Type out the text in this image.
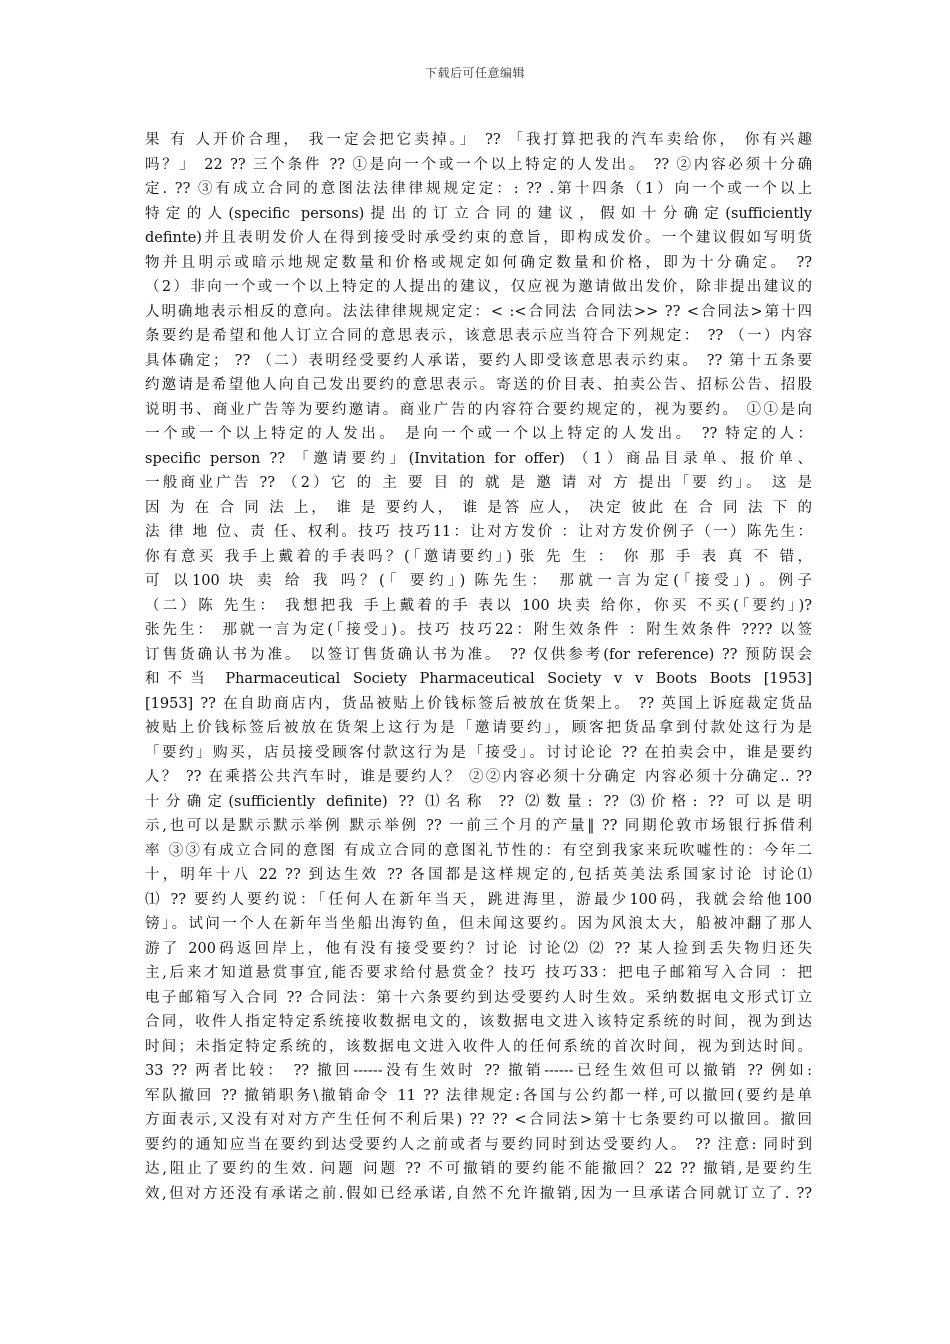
下载后可任意编辑
果 有 人开价合理， 我一定会把它卖掉。」 ?? 「我打算把我的汽车卖给你， 你有兴趣
吗？」 22 ?? 三个条件 ?? ①是向一个或一个以上特定的人发出。 ?? ②内容必须十分确
定. ?? ③有成立合同的意图法法律律规规定定：: ?? .第十四条（1）向一个或一个以上
特定的人(specific persons)提出的订立合同的建议，假如十分确定(sufficiently
definte)并且表明发价人在得到接受时承受约束的意旨，即构成发价。一个建议假如写明货
物并且明示或暗示地规定数量和价格或规定如何确定数量和价格，即为十分确定。 ??
（2）非向一个或一个以上特定的人提出的建议，仅应视为邀请做出发价，除非提出建议的
人明确地表示相反的意向。法法律律规规定定：< :<合同法 合同法>> ?? <合同法>第十四
条要约是希望和他人订立合同的意思表示，该意思表示应当符合下列规定： ?? （一）内容
具体确定； ?? （二）表明经受要约人承诺，要约人即受该意思表示约束。 ?? 第十五条要
约邀请是希望他人向自己发出要约的意思表示。寄送的价目表、拍卖公告、招标公告、招股
说明书、商业广告等为要约邀请。商业广告的内容符合要约规定的，视为要约。 ①①是向
一个或一个以上特定的人发出。 是向一个或一个以上特定的人发出。 ?? 特定的人：
specific person ?? 「邀请要约」(Invitation for offer) （1）商品目录单、报价单、
一般商业广告 ?? （2）它 的 主 要 目 的 就 是 邀 请 对 方 提出「要 约」。 这 是
因 为 在 合 同 法 上， 谁 是 要约人， 谁 是答 应人， 决定 彼此 在 合 同 法 下 的
法 律 地 位、责 任、权利。技巧 技巧11：让对方发价 ：让对方发价例子（一）陈先生：
你有意买 我手上戴着的手表吗？(「邀请要约」) 张 先 生 ： 你 那 手 表 真 不 错，
可 以100 块 卖 给 我 吗？(「 要约」) 陈先生： 那就一言为定(「接受」) 。例子
（二）陈 先生： 我想把我 手上戴着的手 表以 100 块卖 给你，你买 不买(「要约」)?
张先生： 那就一言为定(「接受」)。技巧 技巧22：附生效条件 ：附生效条件 ???? 以签
订售货确认书为准。 以签订售货确认书为准。 ?? 仅供参考(for reference) ?? 预防误会
和不当 Pharmaceutical Society Pharmaceutical Society v v Boots Boots [1953]
[1953] ?? 在自助商店内，货品被贴上价钱标签后被放在货架上。 ?? 英国上诉庭裁定货品
被贴上价钱标签后被放在货架上这行为是「邀请要约」，顾客把货品拿到付款处这行为是
「要约」购买，店员接受顾客付款这行为是「接受」。讨讨论论 ?? 在拍卖会中，谁是要约
人？ ?? 在乘搭公共汽车时，谁是要约人？ ②②内容必须十分确定 内容必须十分确定.. ??
十分确定(sufficiently definite) ?? ⑴名称 ?? ⑵数量: ?? ⑶价格: ?? 可以是明
示,也可以是默示默示举例 默示举例 ?? 一前三个月的产量‖ ?? 同期伦敦市场银行拆借利
率 ③③有成立合同的意图 有成立合同的意图礼节性的：有空到我家来玩吹嘘性的：今年二
十，明年十八 22 ?? 到达生效 ?? 各国都是这样规定的,包括英美法系国家讨论 讨论⑴
⑴ ?? 要约人要约说：「任何人在新年当天，跳进海里，游最少100码，我就会给他100
镑」。试问一个人在新年当坐船出海钓鱼，但未闻这要约。因为风浪太大，船被冲翻了那人
游了 200码返回岸上，他有没有接受要约？讨论 讨论⑵ ⑵ ?? 某人捡到丢失物归还失
主,后来才知道悬赏事宜,能否要求给付悬赏金？技巧 技巧33：把电子邮箱写入合同 ：把
电子邮箱写入合同 ?? 合同法：第十六条要约到达受要约人时生效。采纳数据电文形式订立
合同，收件人指定特定系统接收数据电文的，该数据电文进入该特定系统的时间，视为到达
时间；未指定特定系统的，该数据电文进入收件人的任何系统的首次时间，视为到达时间。
33 ?? 两者比较： ?? 撤回------没有生效时 ?? 撤销------已经生效但可以撤销 ?? 例如:
军队撤回 ?? 撤销职务\撤销命令 11 ?? 法律规定:各国与公约都一样,可以撤回(要约是单
方面表示,又没有对对方产生任何不利后果) ?? ?? <合同法>第十七条要约可以撤回。撤回
要约的通知应当在要约到达受要约人之前或者与要约同时到达受要约人。 ?? 注意: 同时到
达,阻止了要约的生效. 问题 问题 ?? 不可撤销的要约能不能撤回？22 ?? 撤销,是要约生
效,但对方还没有承诺之前.假如已经承诺,自然不允许撤销,因为一旦承诺合同就订立了. ??
